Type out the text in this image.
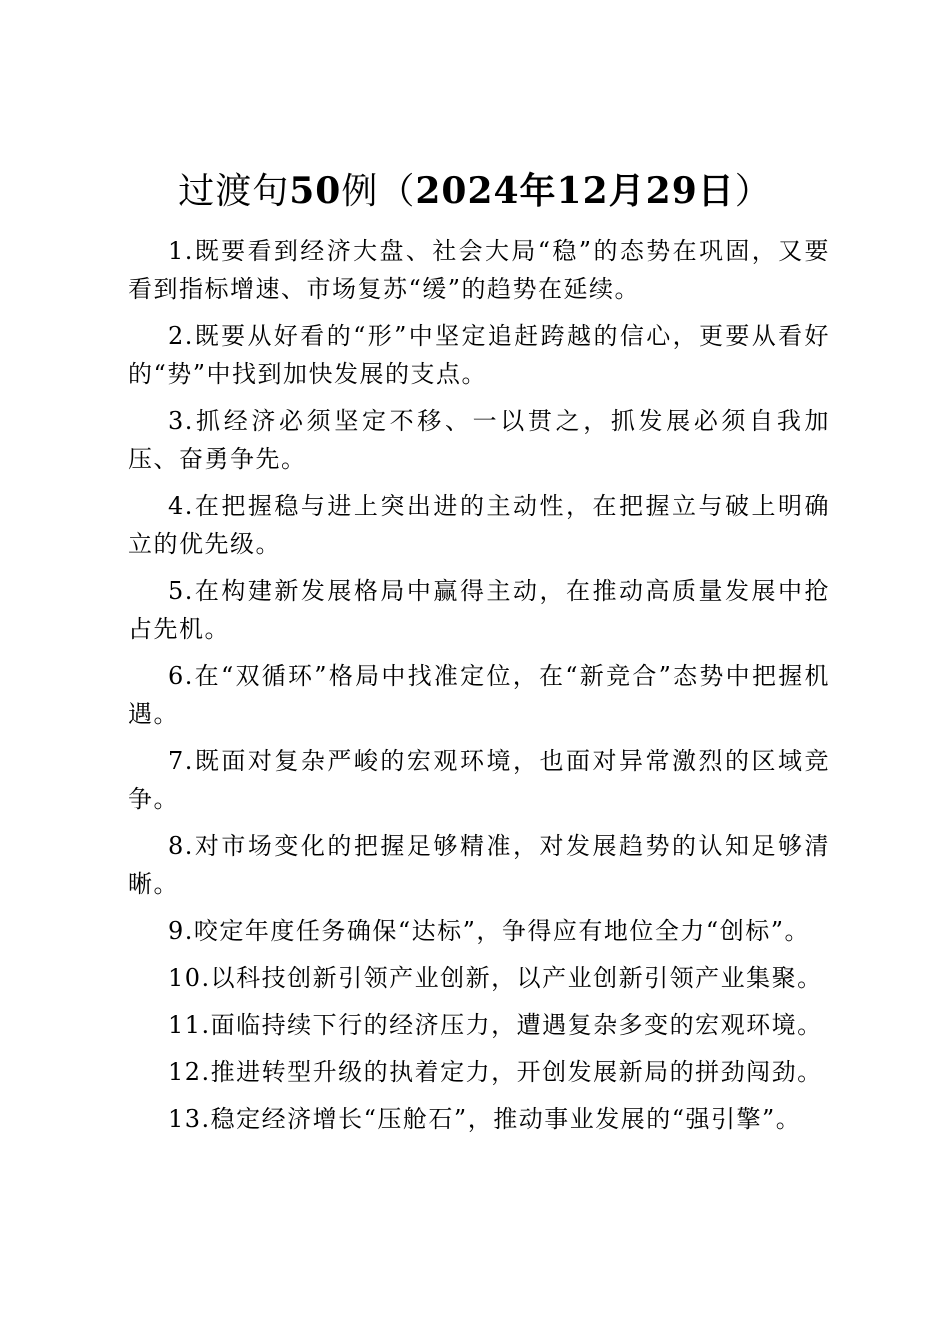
过渡句50例（2024年12月29日）

1.既要看到经济大盘、社会大局“稳”的态势在巩固，又要看到指标增速、市场复苏“缓”的趋势在延续。

2.既要从好看的“形”中坚定追赶跨越的信心，更要从看好的“势”中找到加快发展的支点。

3.抓经济必须坚定不移、一以贯之，抓发展必须自我加压、奋勇争先。

4.在把握稳与进上突出进的主动性，在把握立与破上明确立的优先级。

5.在构建新发展格局中赢得主动，在推动高质量发展中抢占先机。

6.在“双循环”格局中找准定位，在“新竞合”态势中把握机遇。

7.既面对复杂严峻的宏观环境，也面对异常激烈的区域竞争。

8.对市场变化的把握足够精准，对发展趋势的认知足够清晰。

9.咬定年度任务确保“达标”，争得应有地位全力“创标”。

10.以科技创新引领产业创新，以产业创新引领产业集聚。

11.面临持续下行的经济压力，遭遇复杂多变的宏观环境。

12.推进转型升级的执着定力，开创发展新局的拼劲闯劲。

13.稳定经济增长“压舱石”，推动事业发展的“强引擎”。
